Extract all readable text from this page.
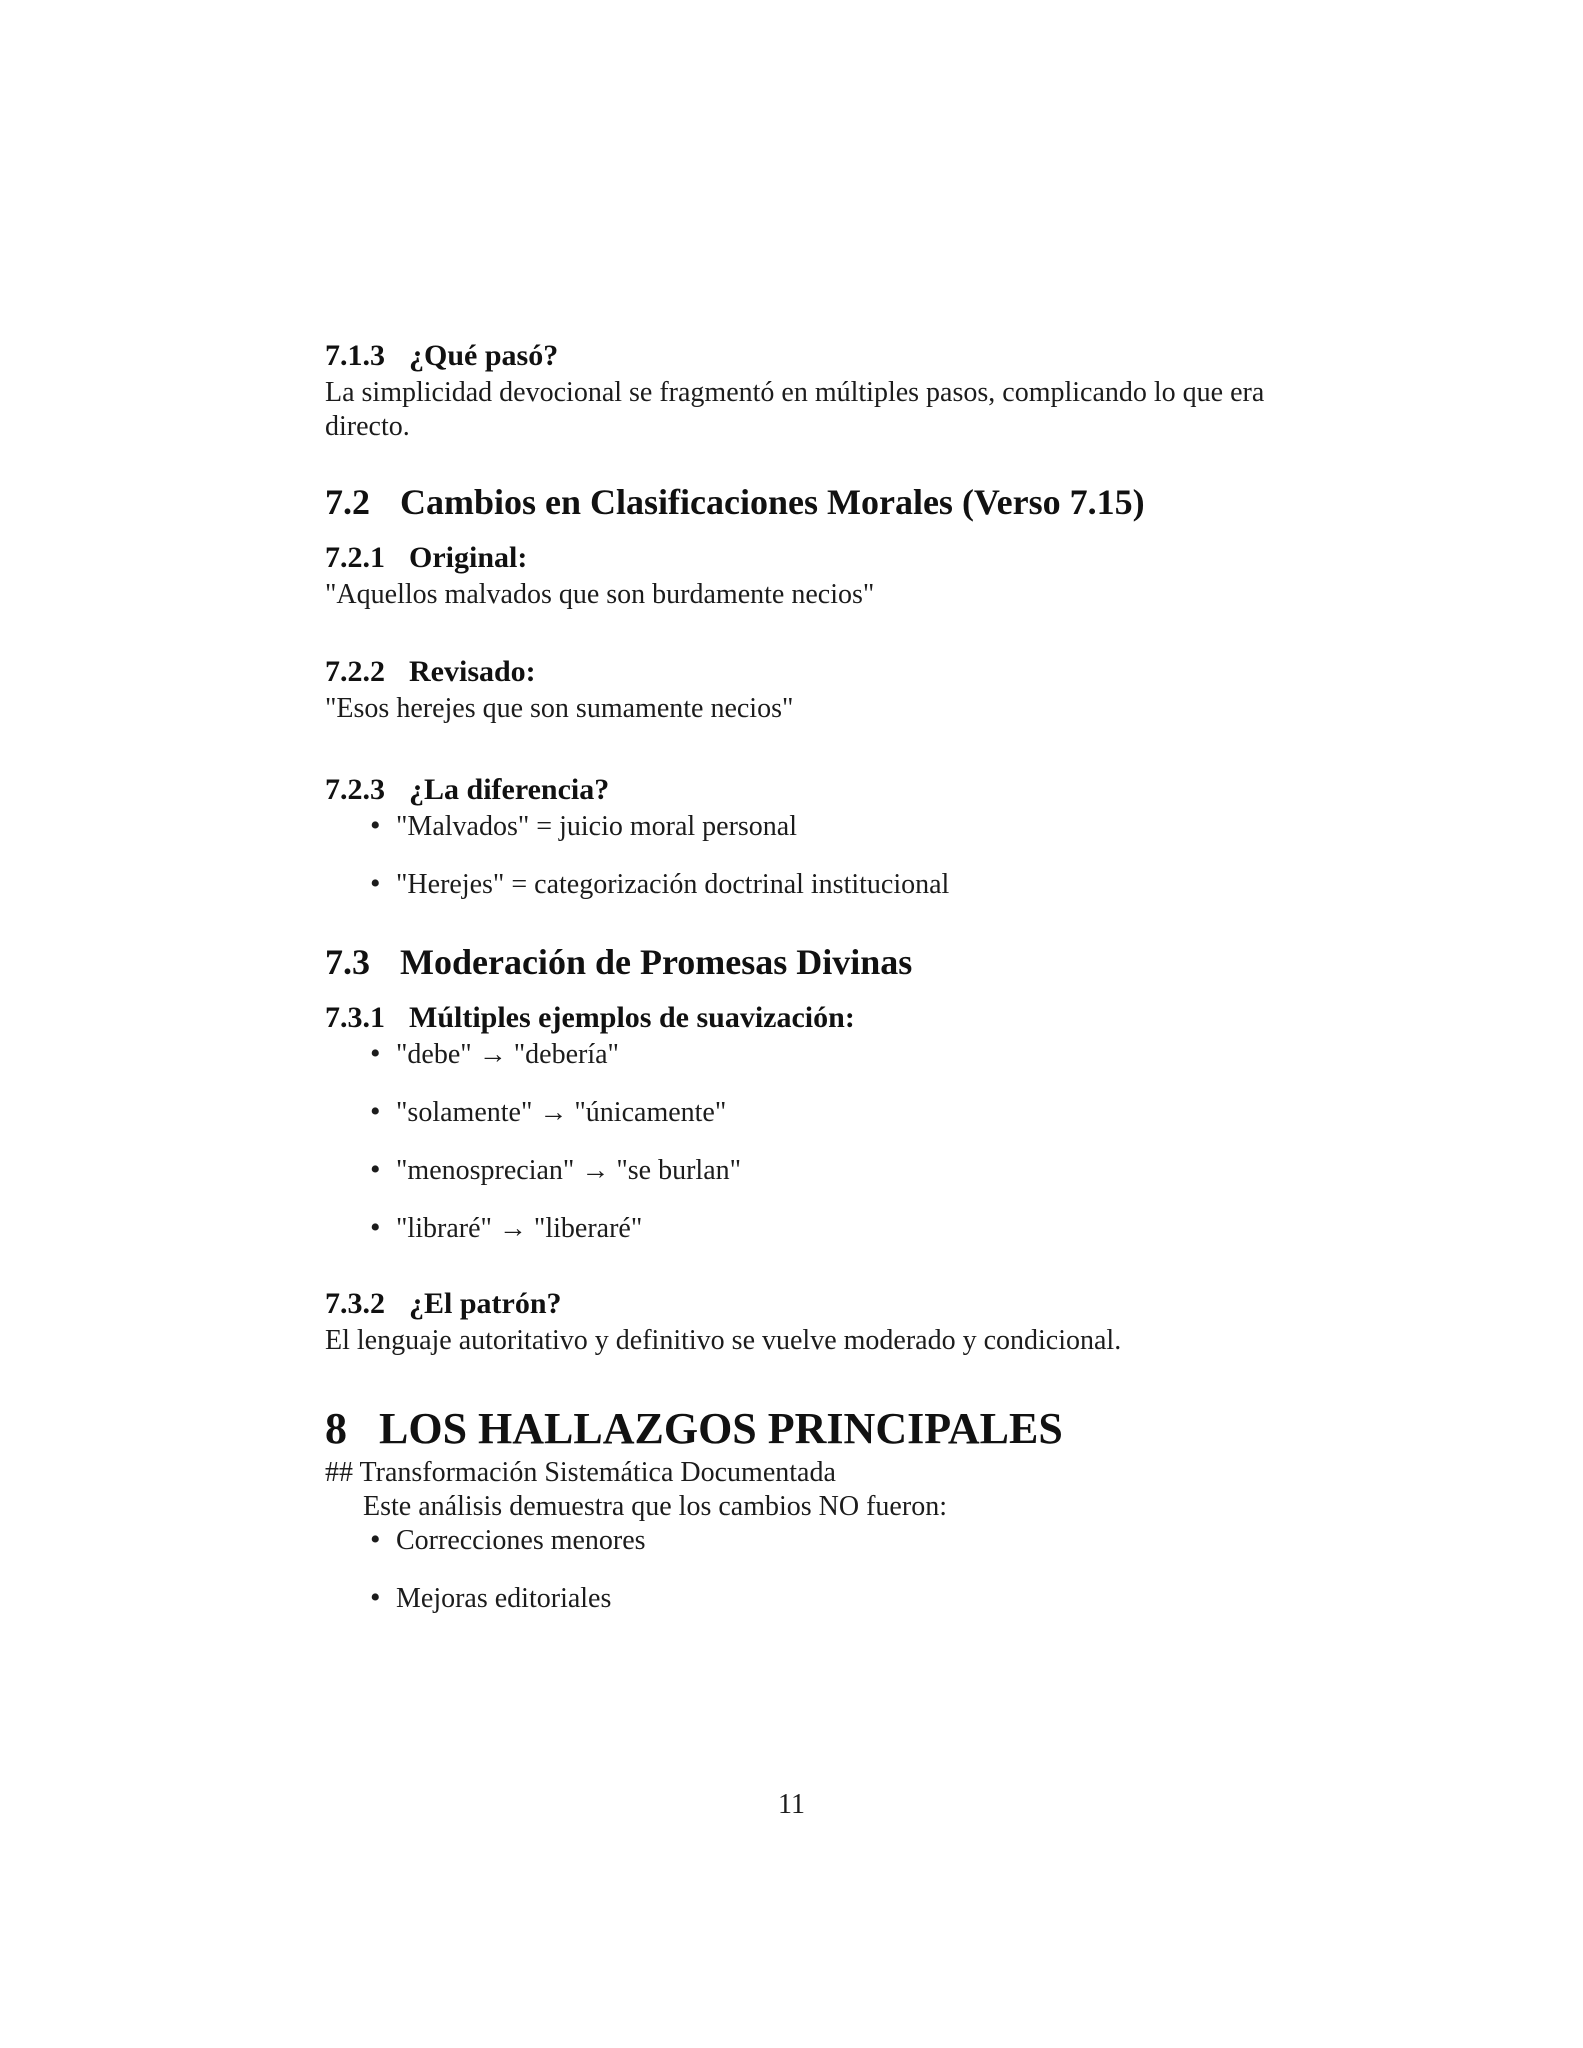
7.1.3 ¿Qué pasó?

La simplicidad devocional se fragmentó en múltiples pasos, complicando lo que era directo.

7.2 Cambios en Clasificaciones Morales (Verso 7.15)
7.2.1 Original:

"Aquellos malvados que son burdamente necios"

7.2.2 Revisado:

"Esos herejes que son sumamente necios"

7.2.3 ¿La diferencia?
• "Malvados" = juicio moral personal
• "Herejes" = categorización doctrinal institucional
7.3 Moderación de Promesas Divinas
7.3.1 Múltiples ejemplos de suavización:
• "debe" → "debería"
• "solamente" → "únicamente"
• "menosprecian" → "se burlan"
• "libraré" → "liberaré"
7.3.2 ¿El patrón?

El lenguaje autoritativo y definitivo se vuelve moderado y condicional.

8 LOS HALLAZGOS PRINCIPALES

## Transformación Sistemática Documentada
Este análisis demuestra que los cambios NO fueron:

• Correcciones menores
• Mejoras editoriales
11
